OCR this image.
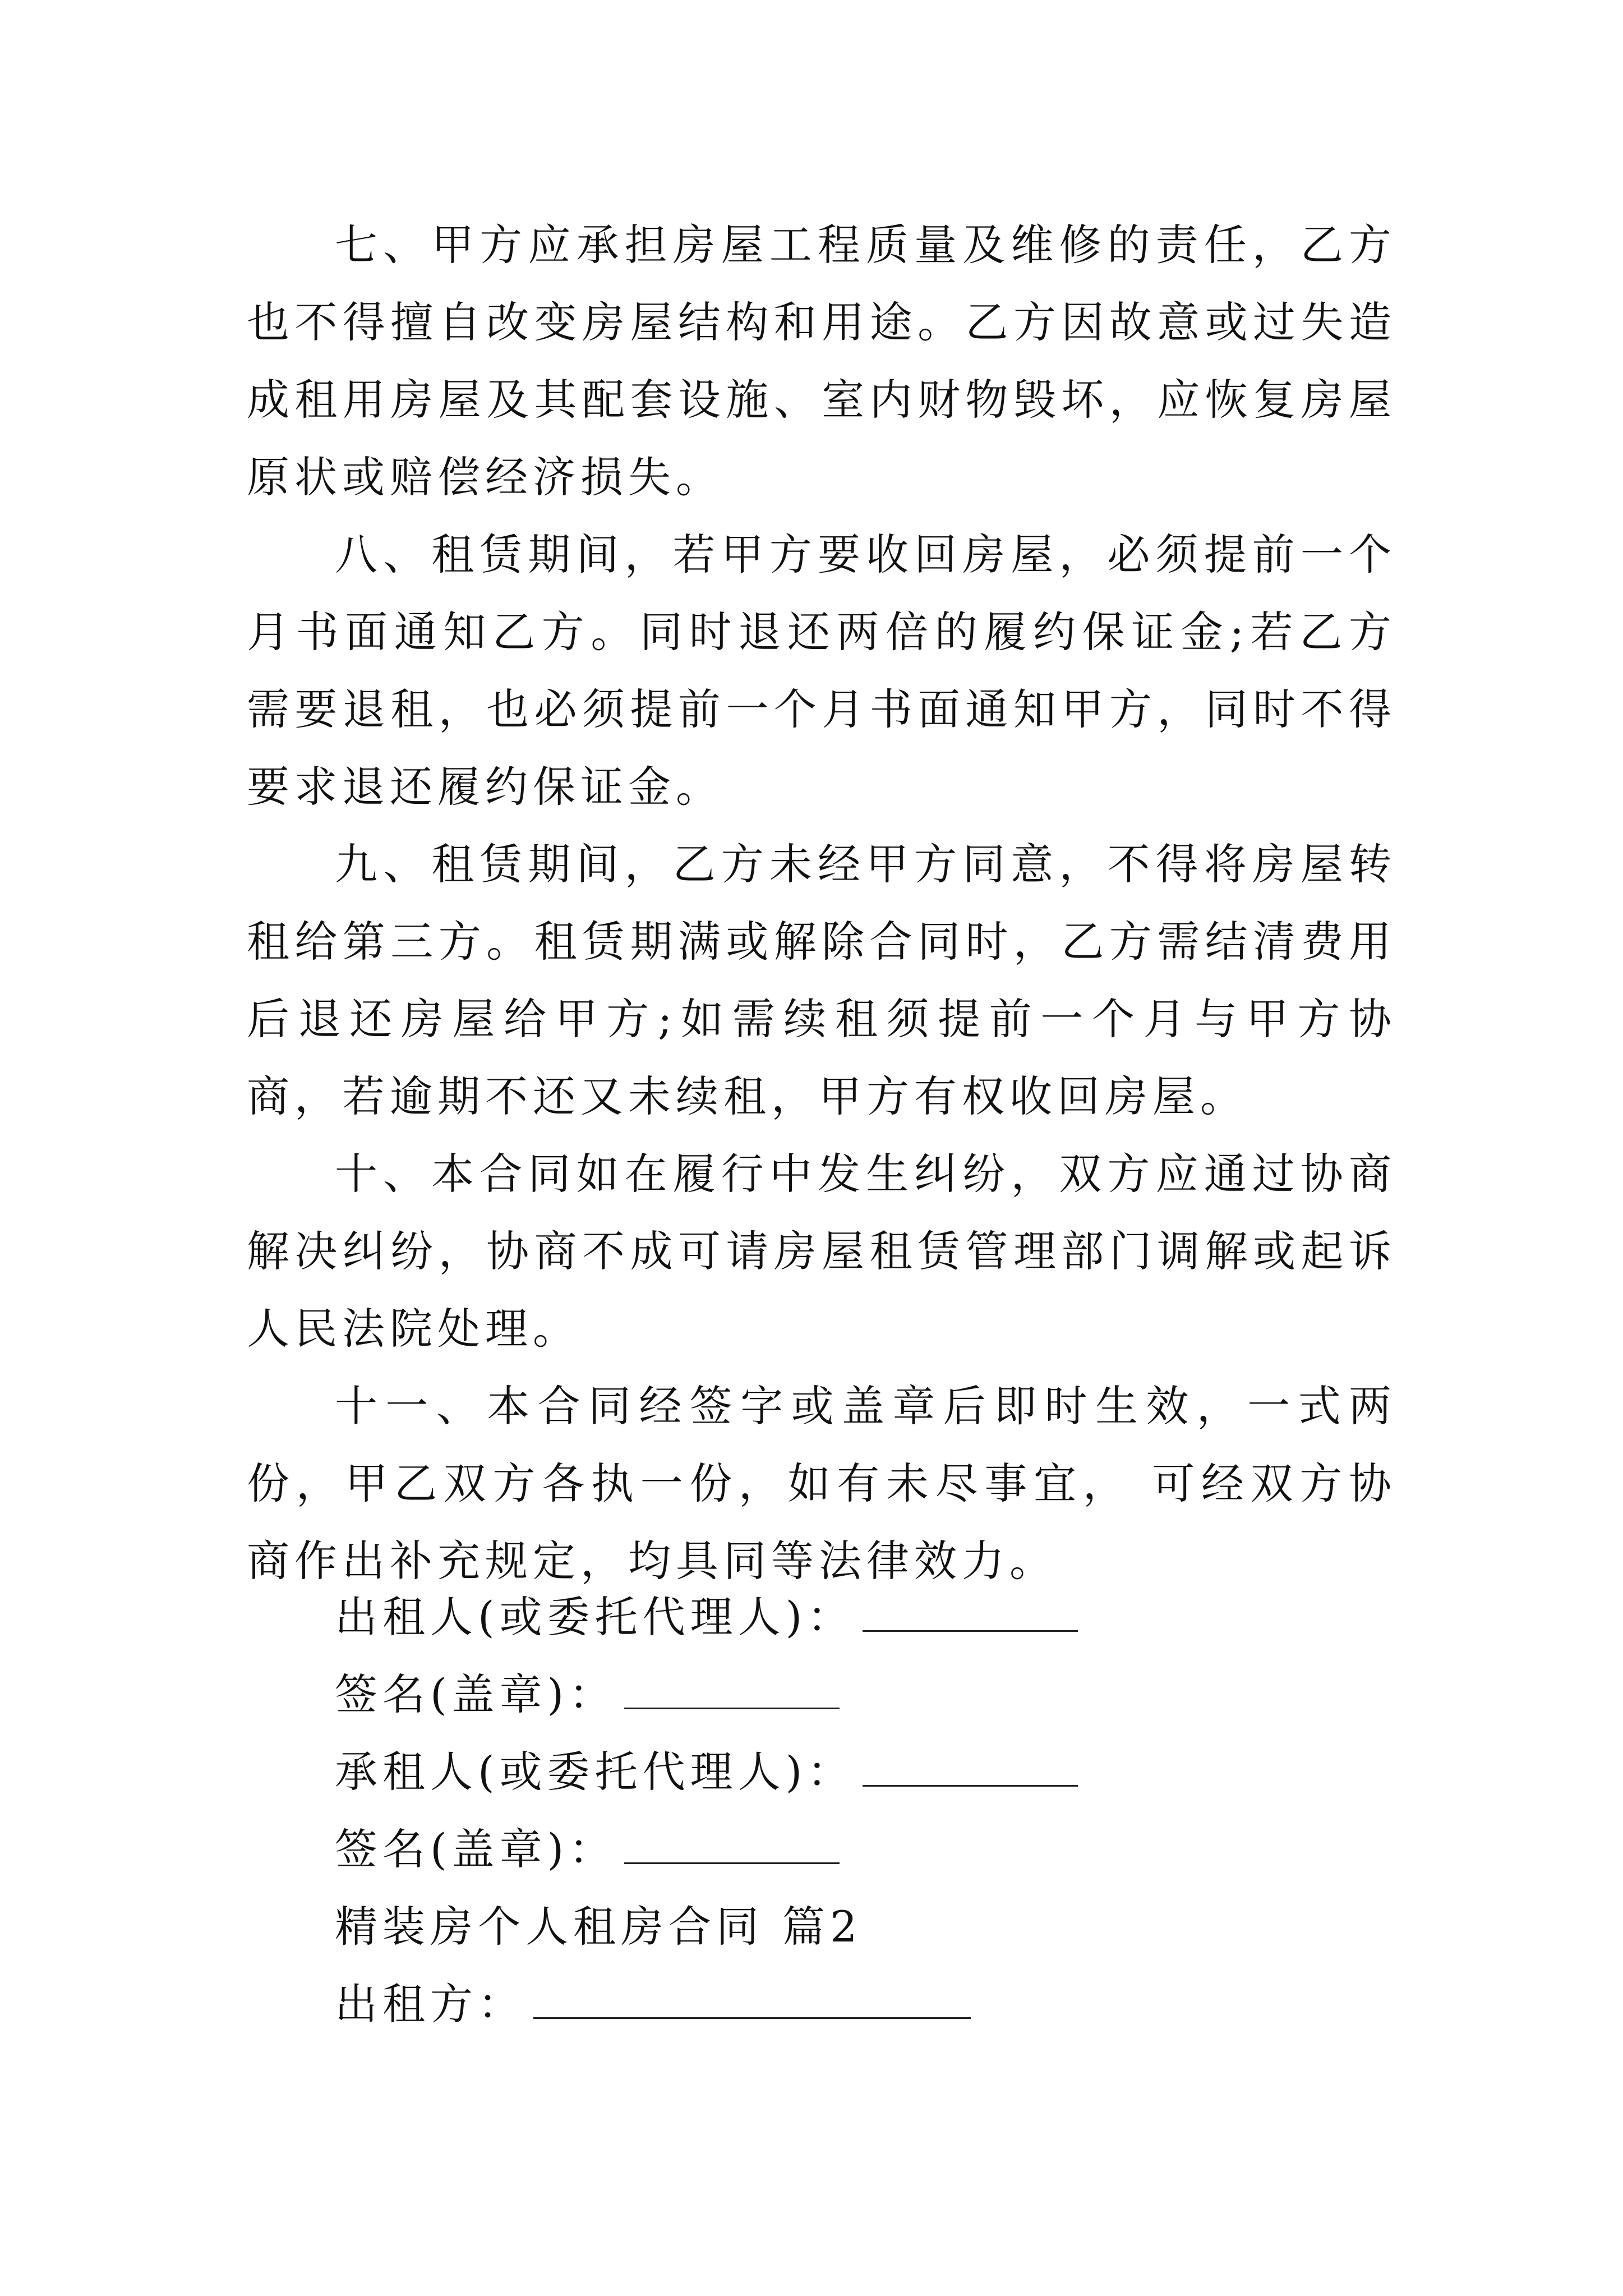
七、甲方应承担房屋工程质量及维修的责任，乙方也不得擅自改变房屋结构和用途。乙方因故意或过失造成租用房屋及其配套设施、室内财物毁坏，应恢复房屋原状或赔偿经济损失。

八、租赁期间，若甲方要收回房屋，必须提前一个月书面通知乙方。同时退还两倍的履约保证金;若乙方需要退租，也必须提前一个月书面通知甲方，同时不得要求退还履约保证金。

九、租赁期间，乙方未经甲方同意，不得将房屋转租给第三方。租赁期满或解除合同时，乙方需结清费用后退还房屋给甲方;如需续租须提前一个月与甲方协商，若逾期不还又未续租，甲方有权收回房屋。

十、本合同如在履行中发生纠纷，双方应通过协商解决纠纷，协商不成可请房屋租赁管理部门调解或起诉人民法院处理。

十一、本合同经签字或盖章后即时生效，一式两份，甲乙双方各执一份，如有未尽事宜， 可经双方协商作出补充规定，均具同等法律效力。

出租人(或委托代理人)：
签名(盖章)：
承租人(或委托代理人)：
签名(盖章)：
精装房个人租房合同 篇2
出租方：
